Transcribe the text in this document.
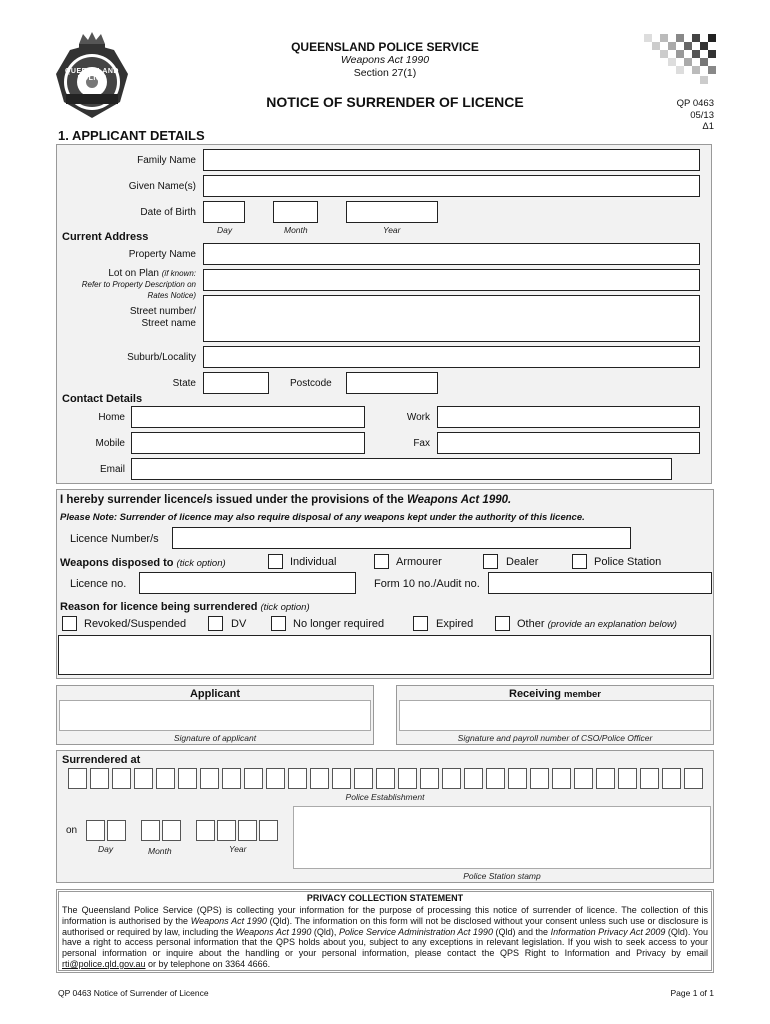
QUEENSLAND POLICE
QUEENSLAND POLICE SERVICE
Weapons Act 1990
Section 27(1)
NOTICE OF SURRENDER OF LICENCE	QP 0463
05/13
Δ1
1. APPLICANT DETAILS
Family Name
Given Name(s)
Date of Birth
Day	Month	Year
Current Address
Property Name
Lot on Plan (if known:
Refer to Property Description on
Rates Notice)
Street number/
Street name
Suburb/Locality
State	Postcode
Contact Details
Home	Work
Mobile	Fax
Email
I hereby surrender licence/s issued under the provisions of the Weapons Act 1990.
Please Note: Surrender of licence may also require disposal of any weapons kept under the authority of this licence.
Licence Number/s
Weapons disposed to (tick option)	Individual	Armourer	Dealer	Police Station
Licence no.	Form 10 no./Audit no.
Reason for licence being surrendered (tick option)
Revoked/Suspended	DV	No longer required	Expired	Other (provide an explanation below)
Applicant
Signature of applicant
Receiving member
Signature and payroll number of CSO/Police Officer
Surrendered at
Police Establishment
on
Day	Month	Year
Police Station stamp
PRIVACY COLLECTION STATEMENT
The Queensland Police Service (QPS) is collecting your information for the purpose of processing this notice of surrender of licence. The collection of this information is authorised by the Weapons Act 1990 (Qld). The information on this form will not be disclosed without your consent unless such use or disclosure is authorised or required by law, including the Weapons Act 1990 (Qld), Police Service Administration Act 1990 (Qld) and the Information Privacy Act 2009 (Qld). You have a right to access personal information that the QPS holds about you, subject to any exceptions in relevant legislation. If you wish to seek access to your personal information or inquire about the handling or your personal information, please contact the QPS Right to Information and Privacy by email rti@police.qld.gov.au or by telephone on 3364 4666.
QP 0463 Notice of Surrender of Licence	Page 1 of 1
